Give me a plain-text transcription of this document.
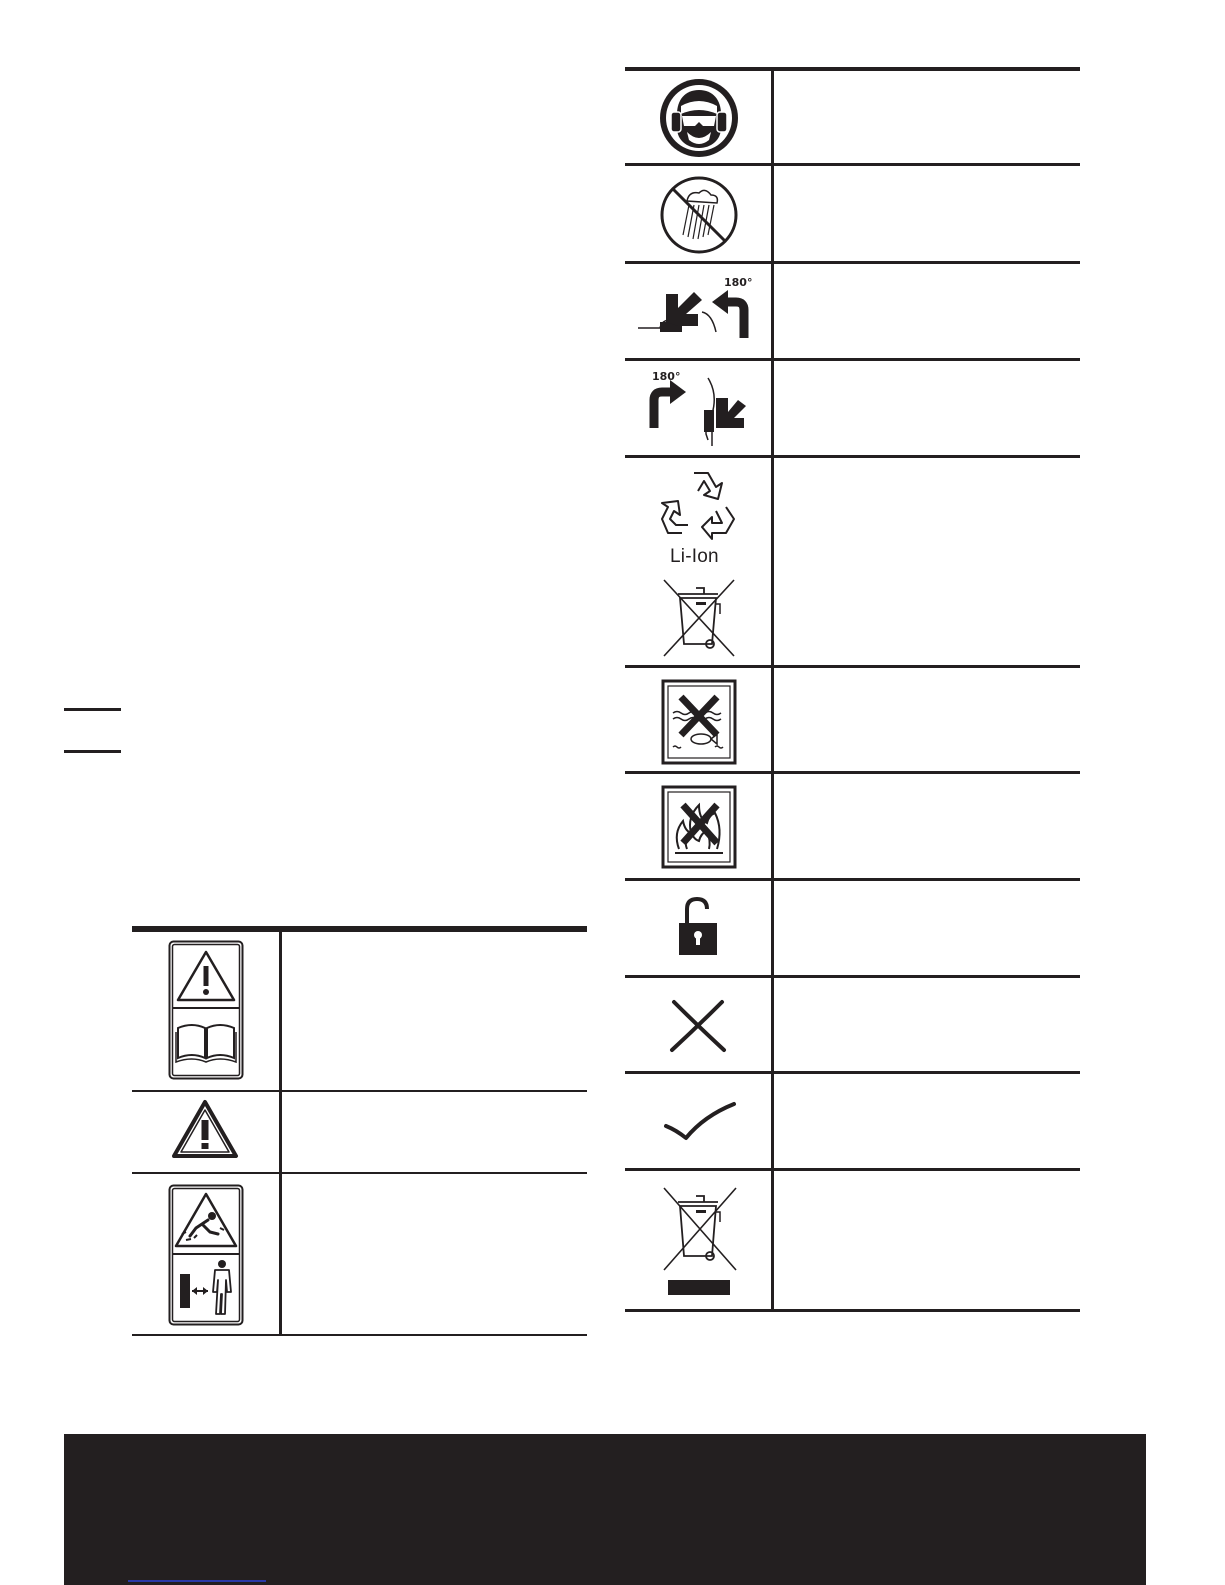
180°
180°
Li-Ion
